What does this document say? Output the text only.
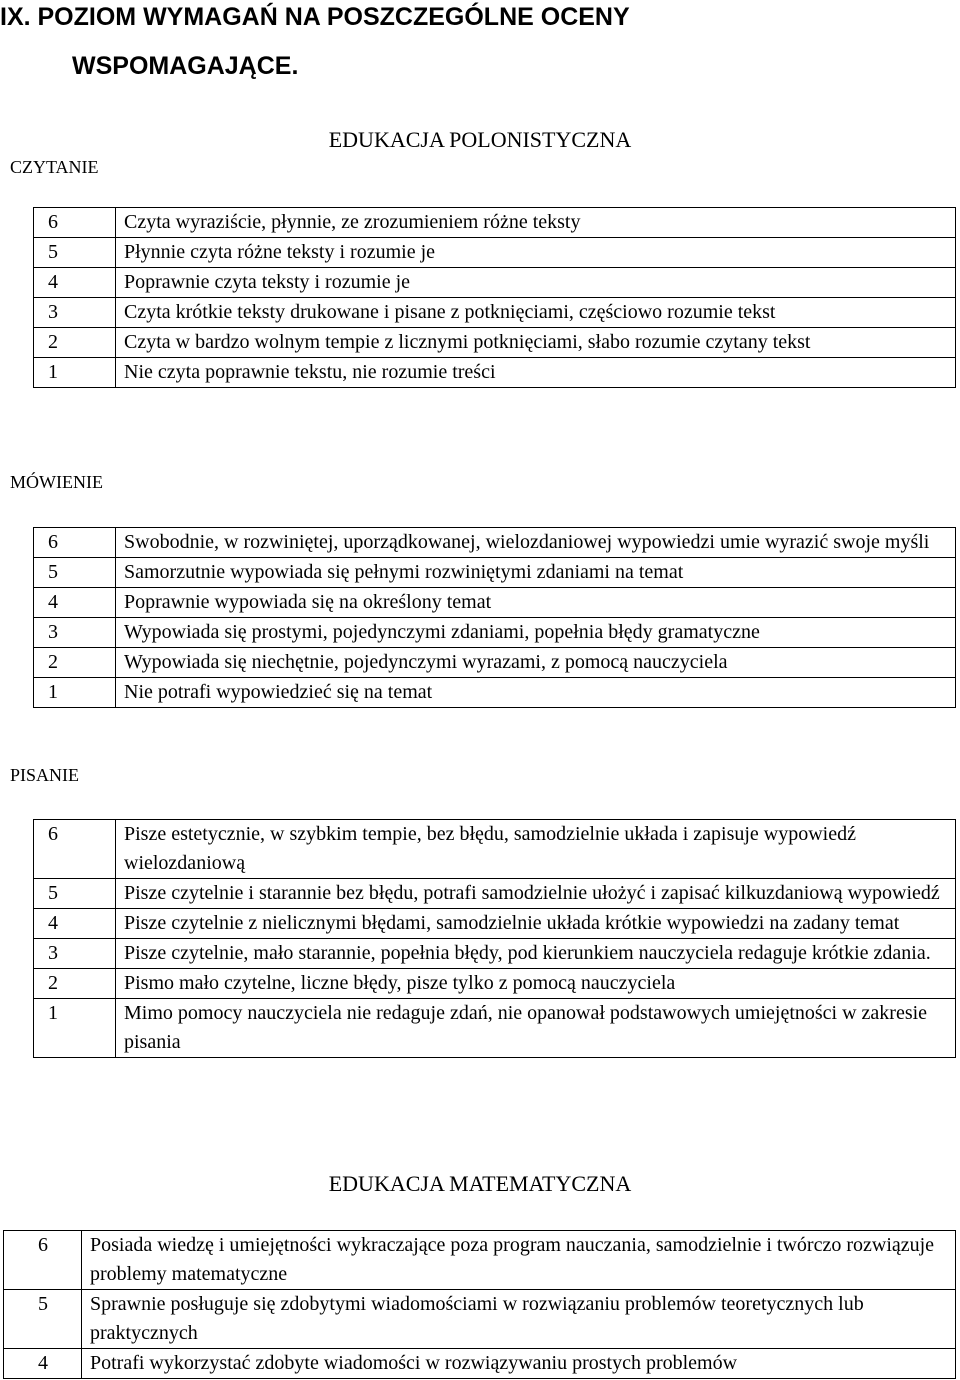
IX. POZIOM WYMAGAŃ NA POSZCZEGÓLNE OCENY
WSPOMAGAJĄCE.
EDUKACJA POLONISTYCZNA
CZYTANIE
6	Czyta wyraziście, płynnie, ze zrozumieniem różne teksty
5	Płynnie czyta różne teksty i rozumie je
4	Poprawnie czyta teksty i rozumie je
3	Czyta krótkie teksty drukowane i pisane z potknięciami, częściowo rozumie tekst
2	Czyta w bardzo wolnym tempie z licznymi potknięciami, słabo rozumie czytany tekst
1	Nie czyta poprawnie tekstu, nie rozumie treści
MÓWIENIE
6	Swobodnie, w rozwiniętej, uporządkowanej, wielozdaniowej wypowiedzi umie wyrazić swoje myśli
5	Samorzutnie wypowiada się pełnymi rozwiniętymi zdaniami na temat
4	Poprawnie wypowiada się na określony temat
3	Wypowiada się prostymi, pojedynczymi zdaniami, popełnia błędy gramatyczne
2	Wypowiada się niechętnie, pojedynczymi wyrazami, z pomocą nauczyciela
1	Nie potrafi wypowiedzieć się na temat
PISANIE
6	Pisze estetycznie, w szybkim tempie, bez błędu, samodzielnie układa i zapisuje wypowiedź wielozdaniową
5	Pisze czytelnie i starannie bez błędu, potrafi samodzielnie ułożyć i zapisać kilkuzdaniową wypowiedź
4	Pisze czytelnie z nielicznymi błędami, samodzielnie układa krótkie wypowiedzi na zadany temat
3	Pisze czytelnie, mało starannie, popełnia błędy, pod kierunkiem nauczyciela redaguje krótkie zdania.
2	Pismo mało czytelne, liczne błędy, pisze tylko z pomocą nauczyciela
1	Mimo pomocy nauczyciela nie redaguje zdań, nie opanował podstawowych umiejętności w zakresie pisania
EDUKACJA MATEMATYCZNA
6	Posiada wiedzę i umiejętności wykraczające poza program nauczania, samodzielnie i twórczo rozwiązuje problemy matematyczne
5	Sprawnie posługuje się zdobytymi wiadomościami w rozwiązaniu problemów teoretycznych lub praktycznych
4	Potrafi wykorzystać zdobyte wiadomości w rozwiązywaniu prostych problemów
